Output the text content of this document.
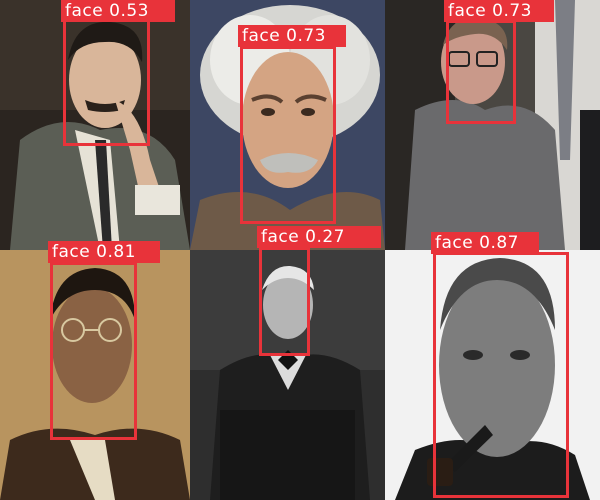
face 0.53
face 0.73
face 0.73
face 0.81
face 0.27	face 0.87
